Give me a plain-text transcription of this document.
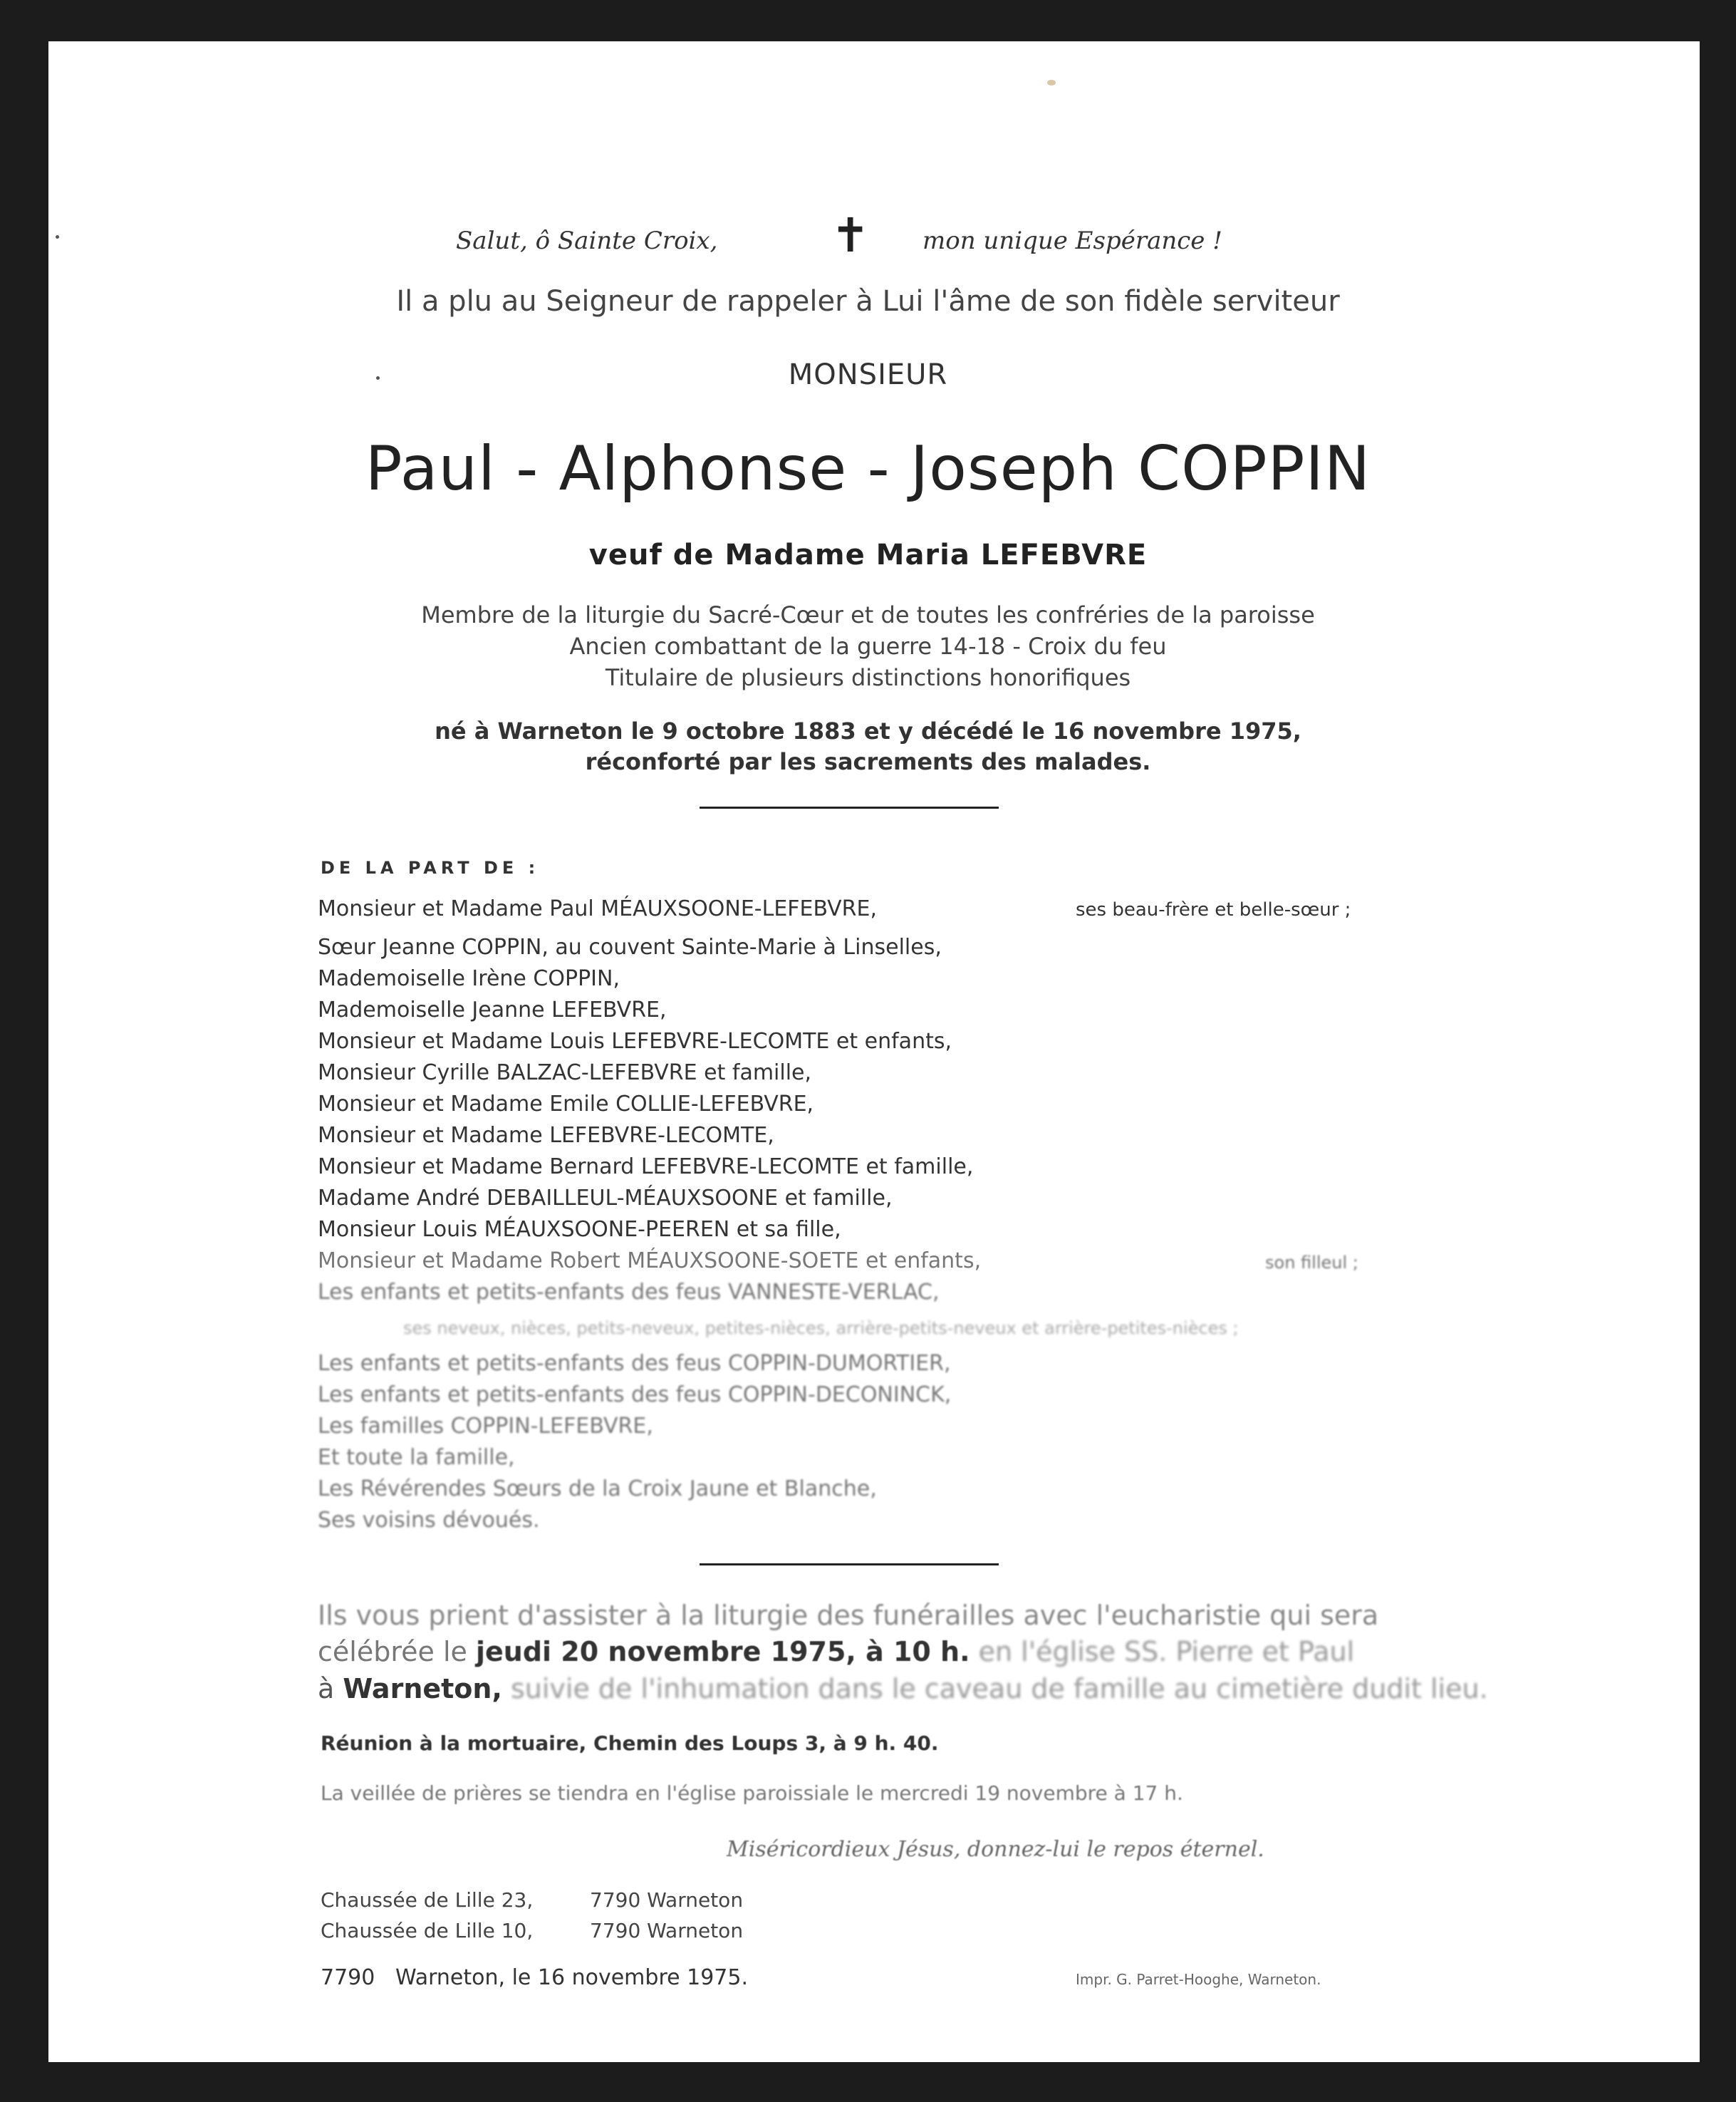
Salut, ô Sainte Croix, ✝ mon unique Espérance !
Il a plu au Seigneur de rappeler à Lui l'âme de son fidèle serviteur
MONSIEUR
Paul - Alphonse - Joseph COPPIN
veuf de Madame Maria LEFEBVRE
Membre de la liturgie du Sacré-Cœur et de toutes les confréries de la paroisse
Ancien combattant de la guerre 14-18 - Croix du feu
Titulaire de plusieurs distinctions honorifiques
né à Warneton le 9 octobre 1883 et y décédé le 16 novembre 1975,
réconforté par les sacrements des malades.
DE LA PART DE :
Monsieur et Madame Paul MÉAUXSOONE-LEFEBVRE,	ses beau-frère et belle-sœur ;
Sœur Jeanne COPPIN, au couvent Sainte-Marie à Linselles,
Mademoiselle Irène COPPIN,
Mademoiselle Jeanne LEFEBVRE,
Monsieur et Madame Louis LEFEBVRE-LECOMTE et enfants,
Monsieur Cyrille BALZAC-LEFEBVRE et famille,
Monsieur et Madame Emile COLLIE-LEFEBVRE,
Monsieur et Madame LEFEBVRE-LECOMTE,
Monsieur et Madame Bernard LEFEBVRE-LECOMTE et famille,
Madame André DEBAILLEUL-MÉAUXSOONE et famille,
Monsieur Louis MÉAUXSOONE-PEEREN et sa fille,
Monsieur et Madame Robert MÉAUXSOONE-SOETE et enfants,	son filleul ;
Les enfants et petits-enfants des feus VANNESTE-VERLAC,
ses neveux, nièces, petits-neveux, petites-nièces, arrière-petits-neveux et arrière-petites-nièces ;
Les enfants et petits-enfants des feus COPPIN-DUMORTIER,
Les enfants et petits-enfants des feus COPPIN-DECONINCK,
Les familles COPPIN-LEFEBVRE,
Et toute la famille,
Les Révérendes Sœurs de la Croix Jaune et Blanche,
Ses voisins dévoués.
Ils vous prient d'assister à la liturgie des funérailles avec l'eucharistie qui sera
célébrée le jeudi 20 novembre 1975, à 10 h. en l'église SS. Pierre et Paul
à Warneton, suivie de l'inhumation dans le caveau de famille au cimetière dudit lieu.
Réunion à la mortuaire, Chemin des Loups 3, à 9 h. 40.
La veillée de prières se tiendra en l'église paroissiale le mercredi 19 novembre à 17 h.
Miséricordieux Jésus, donnez-lui le repos éternel.
Chaussée de Lille 23,	7790 Warneton
Chaussée de Lille 10,	7790 Warneton
7790   Warneton, le 16 novembre 1975.	Impr. G. Parret-Hooghe, Warneton.
